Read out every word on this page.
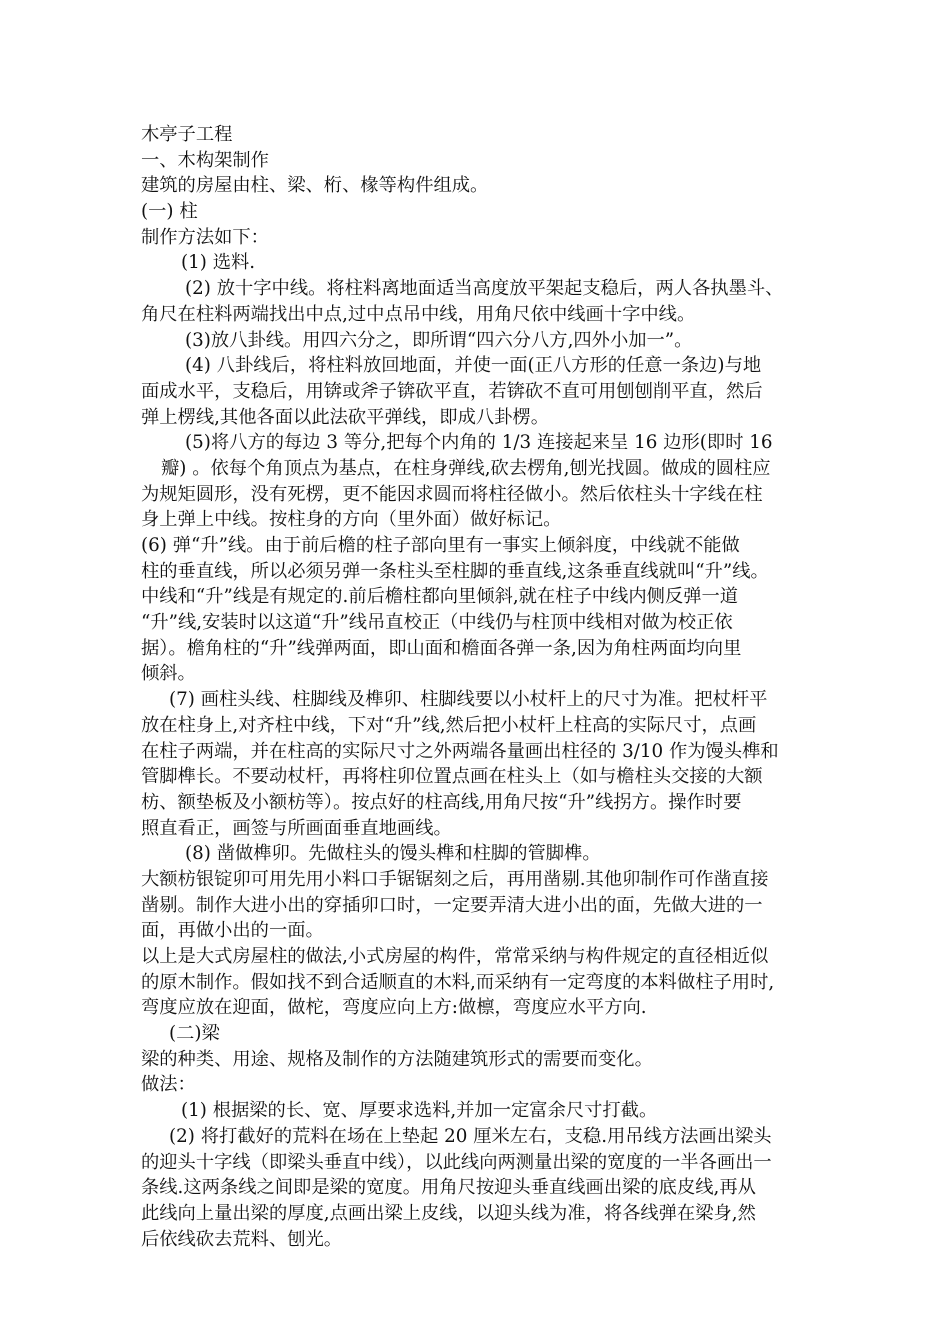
木亭子工程
一、木构架制作
建筑的房屋由柱、梁、桁、椽等构件组成。
(一) 柱
制作方法如下：
(1) 选料.
(2) 放十字中线。将柱料离地面适当高度放平架起支稳后，两人各执墨斗、
角尺在柱料两端找出中点,过中点吊中线，用角尺依中线画十字中线。
(3)放八卦线。用四六分之，即所谓“四六分八方,四外小加一”。
(4) 八卦线后，将柱料放回地面，并使一面(正八方形的任意一条边)与地
面成水平，支稳后，用锛或斧子锛砍平直，若锛砍不直可用刨刨削平直，然后
弹上楞线,其他各面以此法砍平弹线，即成八卦楞。
(5)将八方的每边 3 等分,把每个内角的 1/3 连接起来呈 16 边形(即时 16
瓣) 。依每个角顶点为基点，在柱身弹线,砍去楞角,刨光找圆。做成的圆柱应
为规矩圆形，没有死楞，更不能因求圆而将柱径做小。然后依柱头十字线在柱
身上弹上中线。按柱身的方向（里外面）做好标记。
(6) 弹“升”线。由于前后檐的柱子部向里有一事实上倾斜度，中线就不能做
柱的垂直线，所以必须另弹一条柱头至柱脚的垂直线,这条垂直线就叫“升”线。
中线和“升”线是有规定的.前后檐柱都向里倾斜,就在柱子中线内侧反弹一道
“升”线,安装时以这道“升”线吊直校正（中线仍与柱顶中线相对做为校正依
据）。檐角柱的“升”线弹两面，即山面和檐面各弹一条,因为角柱两面均向里
倾斜。
(7) 画柱头线、柱脚线及榫卯、柱脚线要以小杖杆上的尺寸为准。把杖杆平
放在柱身上,对齐柱中线，下对“升”线,然后把小杖杆上柱高的实际尺寸，点画
在柱子两端，并在柱高的实际尺寸之外两端各量画出柱径的 3/10 作为馒头榫和
管脚榫长。不要动杖杆，再将柱卯位置点画在柱头上（如与檐柱头交接的大额
枋、额垫板及小额枋等）。按点好的柱高线,用角尺按“升”线拐方。操作时要
照直看正，画签与所画面垂直地画线。
(8) 凿做榫卯。先做柱头的馒头榫和柱脚的管脚榫。
大额枋银锭卯可用先用小料口手锯锯刻之后，再用凿剔.其他卯制作可作凿直接
凿剔。制作大进小出的穿插卯口时，一定要弄清大进小出的面，先做大进的一
面，再做小出的一面。
以上是大式房屋柱的做法,小式房屋的构件，常常采纳与构件规定的直径相近似
的原木制作。假如找不到合适顺直的木料,而采纳有一定弯度的本料做柱子用时,
弯度应放在迎面，做柁，弯度应向上方:做檩，弯度应水平方向.
(二)梁
梁的种类、用途、规格及制作的方法随建筑形式的需要而变化。
做法：
(1) 根据梁的长、宽、厚要求选料,并加一定富余尺寸打截。
(2) 将打截好的荒料在场在上垫起 20 厘米左右，支稳.用吊线方法画出梁头
的迎头十字线（即梁头垂直中线），以此线向两测量出梁的宽度的一半各画出一
条线.这两条线之间即是梁的宽度。用角尺按迎头垂直线画出梁的底皮线,再从
此线向上量出梁的厚度,点画出梁上皮线，以迎头线为准，将各线弹在梁身,然
后依线砍去荒料、刨光。
